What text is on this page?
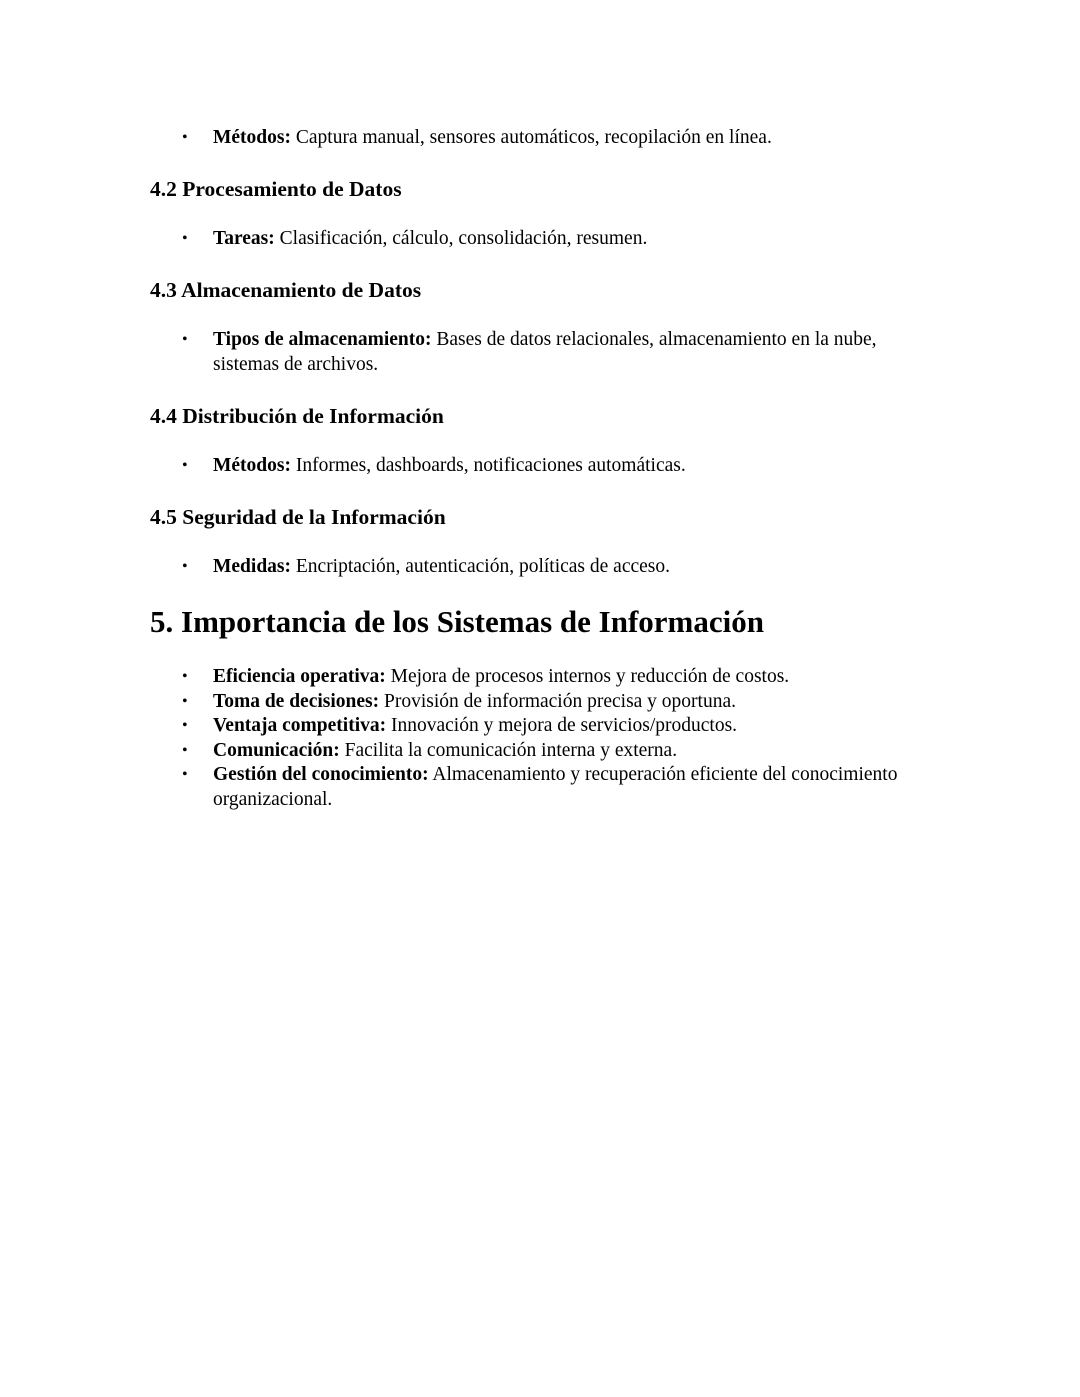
• Métodos: Captura manual, sensores automáticos, recopilación en línea.
4.2 Procesamiento de Datos
• Tareas: Clasificación, cálculo, consolidación, resumen.
4.3 Almacenamiento de Datos
• Tipos de almacenamiento: Bases de datos relacionales, almacenamiento en la nube, sistemas de archivos.
4.4 Distribución de Información
• Métodos: Informes, dashboards, notificaciones automáticas.
4.5 Seguridad de la Información
• Medidas: Encriptación, autenticación, políticas de acceso.
5. Importancia de los Sistemas de Información
• Eficiencia operativa: Mejora de procesos internos y reducción de costos.
• Toma de decisiones: Provisión de información precisa y oportuna.
• Ventaja competitiva: Innovación y mejora de servicios/productos.
• Comunicación: Facilita la comunicación interna y externa.
• Gestión del conocimiento: Almacenamiento y recuperación eficiente del conocimiento organizacional.
